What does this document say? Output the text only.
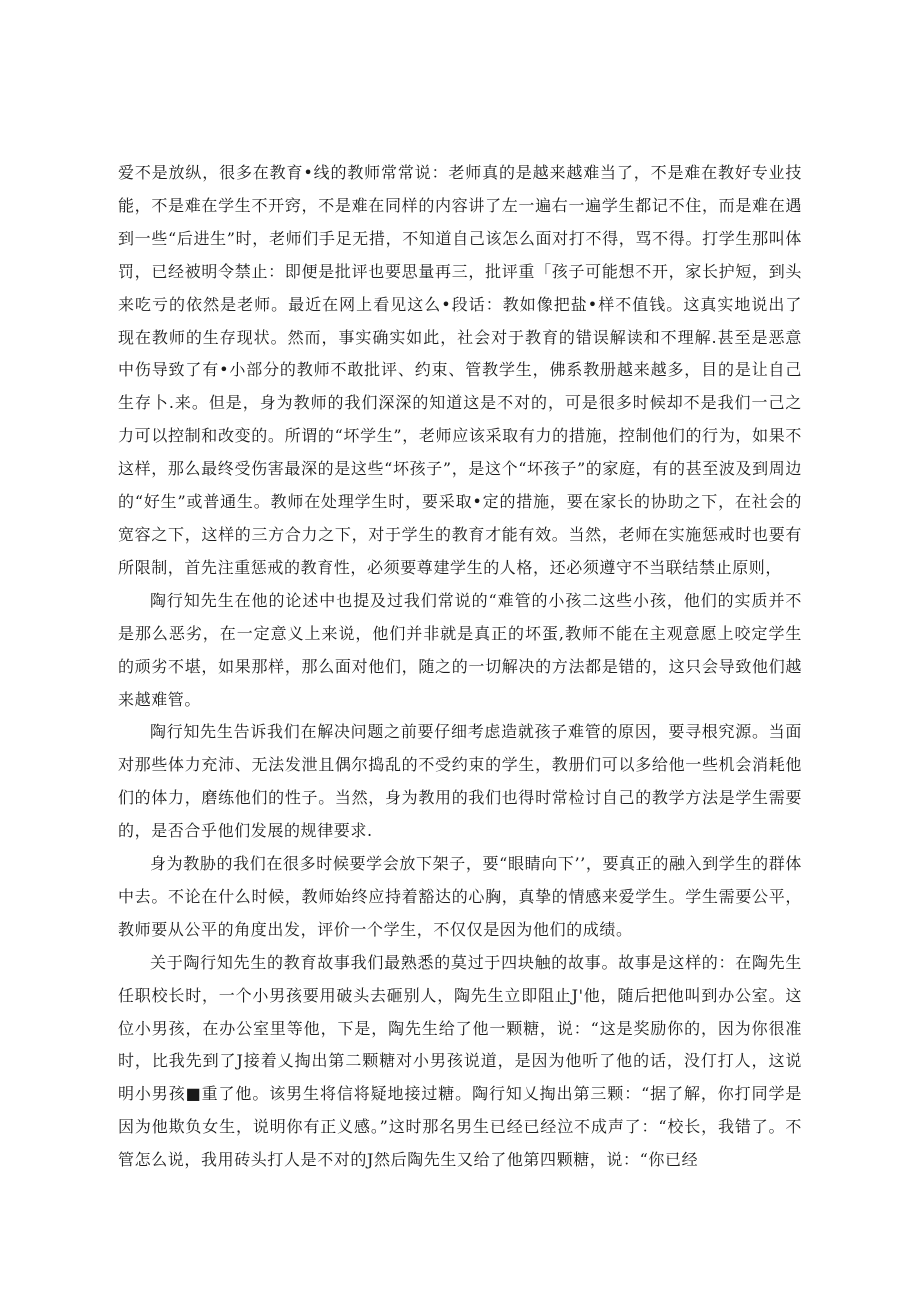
爱不是放纵，很多在教育•线的教师常常说：老师真的是越来越难当了，不是难在教好专业技能，不是难在学生不开窍，不是难在同样的内容讲了左一遍右一遍学生都记不住，而是难在遇到一些“后进生”时，老师们手足无措，不知道自己该怎么面对打不得，骂不得。打学生那叫体罚，已经被明令禁止：即便是批评也要思量再三，批评重「孩子可能想不开，家长护短，到头来吃亏的依然是老师。最近在网上看见这么•段话：教如像把盐•样不值钱。这真实地说出了现在教师的生存现状。然而，事实确实如此，社会对于教育的错误解读和不理解.甚至是恶意中伤导致了有•小部分的教师不敢批评、约束、管教学生，佛系教册越来越多，目的是让自己生存卜.来。但是，身为教师的我们深深的知道这是不对的，可是很多时候却不是我们一己之力可以控制和改变的。所谓的“坏学生”，老师应该采取有力的措施，控制他们的行为，如果不这样，那么最终受伤害最深的是这些“坏孩子”，是这个“坏孩子”的家庭，有的甚至波及到周边的“好生”或普通生。教师在处理学生时，要采取•定的措施，要在家长的协助之下，在社会的宽容之下，这样的三方合力之下，对于学生的教育才能有效。当然，老师在实施惩戒时也要有所限制，首先注重惩戒的教育性，必须要尊建学生的人格，还必须遵守不当联结禁止原则，

陶行知先生在他的论述中也提及过我们常说的“难管的小孩二这些小孩，他们的实质并不是那么恶劣，在一定意义上来说，他们并非就是真正的坏蛋,教师不能在主观意愿上咬定学生的顽劣不堪，如果那样，那么面对他们，随之的一切解决的方法都是错的，这只会导致他们越来越难管。

陶行知先生告诉我们在解决问题之前要仔细考虑造就孩子难管的原因，要寻根究源。当面对那些体力充沛、无法发泄且偶尔捣乱的不受约束的学生，教册们可以多给他一些机会消耗他们的体力，磨练他们的性子。当然，身为教用的我们也得时常检讨自己的教学方法是学生需要的，是否合乎他们发展的规律要求.

身为教胁的我们在很多时候要学会放下架子，要“眼睛向下’’，要真正的融入到学生的群体中去。不论在什么时候，教师始终应持着豁达的心胸，真挚的情感来爱学生。学生需要公平，教师要从公平的角度出发，评价一个学生，不仅仅是因为他们的成绩。

关于陶行知先生的教育故事我们最熟悉的莫过于四块触的故事。故事是这样的：在陶先生任职校长时，一个小男孩要用破头去砸别人，陶先生立即阻止J'他，随后把他叫到办公室。这位小男孩，在办公室里等他，下是，陶先生给了他一颗糖，说：“这是奖励你的，因为你很准时，比我先到了J接着乂掏出第二颗糖对小男孩说道，是因为他听了他的话，没仃打人，这说明小男孩■重了他。该男生将信将疑地接过糖。陶行知乂掏出第三颗：“据了解，你打同学是因为他欺负女生，说明你有正义感。”这时那名男生已经已经泣不成声了：“校长，我错了。不管怎么说，我用砖头打人是不对的J然后陶先生又给了他第四颗糖，说：“你已经
